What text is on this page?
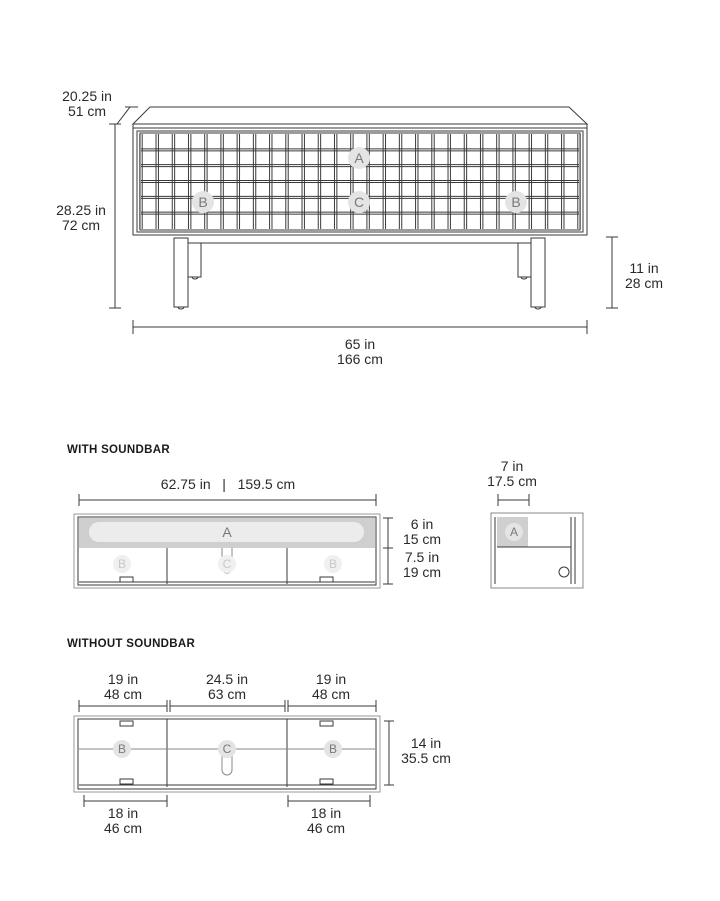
20.25 in
51 cm
28.25 in
72 cm
11 in
28 cm
65 in
166 cm
A
B	C	B
A
B	C	B
A
B	C	B
WITH SOUNDBAR
62.75 in   |   159.5 cm
6 in
15 cm
7.5 in
19 cm
7 in
17.5 cm
WITHOUT SOUNDBAR
19 in
48 cm
24.5 in
63 cm
19 in
48 cm
14 in
35.5 cm
18 in
46 cm
18 in
46 cm
